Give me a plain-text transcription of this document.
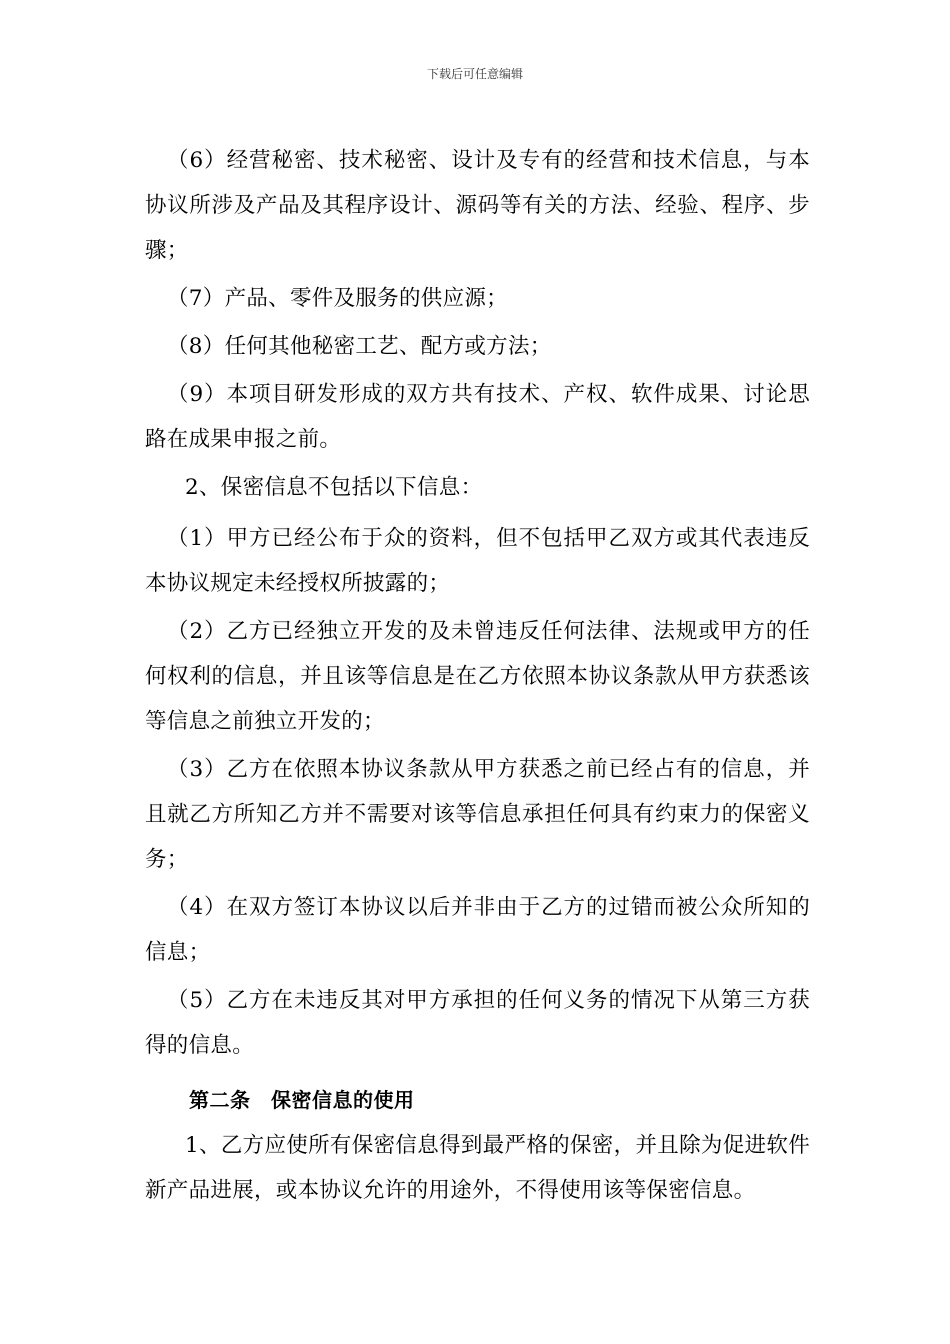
下载后可任意编辑

（6）经营秘密、技术秘密、设计及专有的经营和技术信息，与本协议所涉及产品及其程序设计、源码等有关的方法、经验、程序、步骤；

（7）产品、零件及服务的供应源；

（8）任何其他秘密工艺、配方或方法；

（9）本项目研发形成的双方共有技术、产权、软件成果、讨论思路在成果申报之前。

2、保密信息不包括以下信息：

（1）甲方已经公布于众的资料，但不包括甲乙双方或其代表违反本协议规定未经授权所披露的；

（2）乙方已经独立开发的及未曾违反任何法律、法规或甲方的任何权利的信息，并且该等信息是在乙方依照本协议条款从甲方获悉该等信息之前独立开发的；

（3）乙方在依照本协议条款从甲方获悉之前已经占有的信息，并且就乙方所知乙方并不需要对该等信息承担任何具有约束力的保密义务；

（4）在双方签订本协议以后并非由于乙方的过错而被公众所知的信息；

（5）乙方在未违反其对甲方承担的任何义务的情况下从第三方获得的信息。

第二条　保密信息的使用

1、乙方应使所有保密信息得到最严格的保密，并且除为促进软件新产品进展，或本协议允许的用途外，不得使用该等保密信息。
